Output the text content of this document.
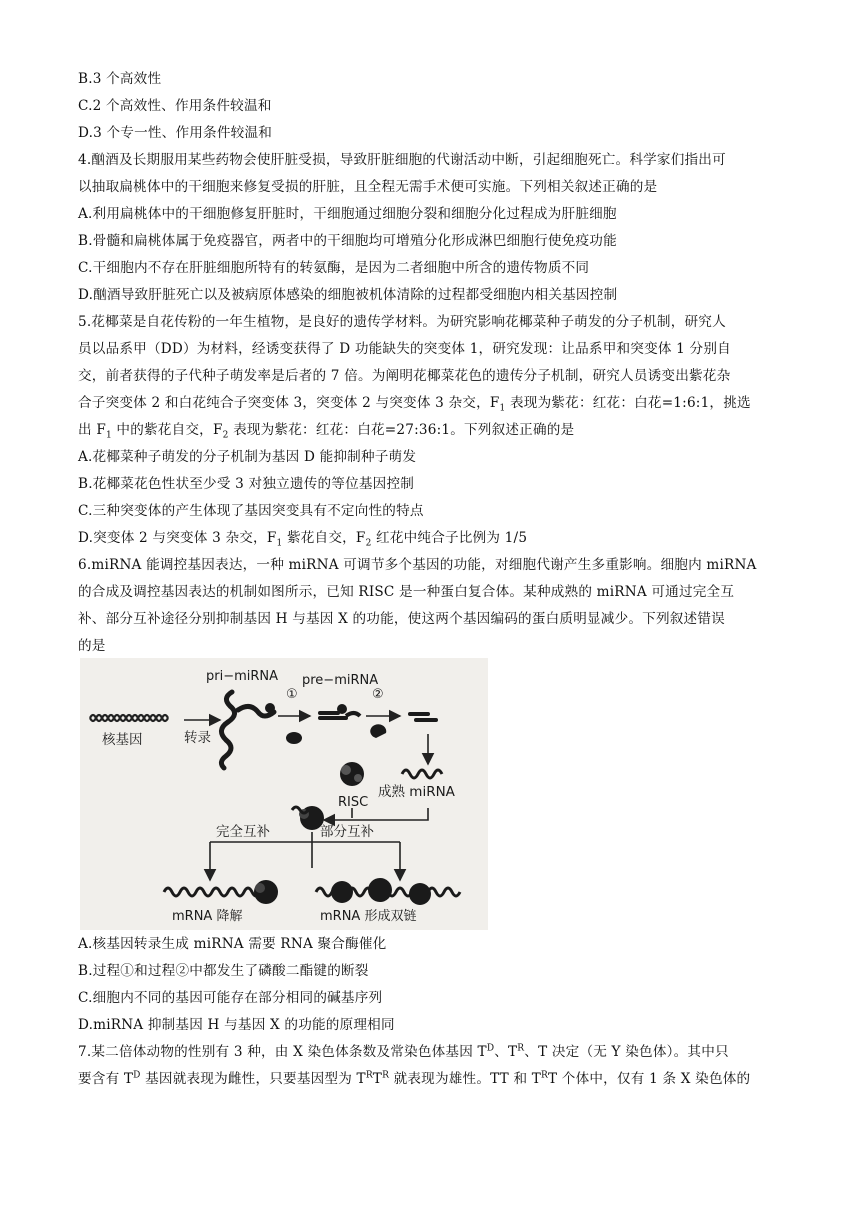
B.3 个高效性
C.2 个高效性、作用条件较温和
D.3 个专一性、作用条件较温和
4.酗酒及长期服用某些药物会使肝脏受损，导致肝脏细胞的代谢活动中断，引起细胞死亡。科学家们指出可
以抽取扁桃体中的干细胞来修复受损的肝脏，且全程无需手术便可实施。下列相关叙述正确的是
A.利用扁桃体中的干细胞修复肝脏时，干细胞通过细胞分裂和细胞分化过程成为肝脏细胞
B.骨髓和扁桃体属于免疫器官，两者中的干细胞均可增殖分化形成淋巴细胞行使免疫功能
C.干细胞内不存在肝脏细胞所特有的转氨酶，是因为二者细胞中所含的遗传物质不同
D.酗酒导致肝脏死亡以及被病原体感染的细胞被机体清除的过程都受细胞内相关基因控制
5.花椰菜是自花传粉的一年生植物，是良好的遗传学材料。为研究影响花椰菜种子萌发的分子机制，研究人
员以品系甲（DD）为材料，经诱变获得了 D 功能缺失的突变体 1，研究发现：让品系甲和突变体 1 分别自
交，前者获得的子代种子萌发率是后者的 7 倍。为阐明花椰菜花色的遗传分子机制，研究人员诱变出紫花杂
合子突变体 2 和白花纯合子突变体 3，突变体 2 与突变体 3 杂交，$F_1$ 表现为紫花：红花：白花=1:6:1，挑选
出 $F_1$ 中的紫花自交，$F_2$ 表现为紫花：红花：白花=27:36:1。下列叙述正确的是
A.花椰菜种子萌发的分子机制为基因 D 能抑制种子萌发
B.花椰菜花色性状至少受 3 对独立遗传的等位基因控制
C.三种突变体的产生体现了基因突变具有不定向性的特点
D.突变体 2 与突变体 3 杂交，$F_1$ 紫花自交，$F_2$ 红花中纯合子比例为 1/5
6.miRNA 能调控基因表达，一种 miRNA 可调节多个基因的功能，对细胞代谢产生多重影响。细胞内 miRNA
的合成及调控基因表达的机制如图所示，已知 RISC 是一种蛋白复合体。某种成熟的 miRNA 可通过完全互
补、部分互补途径分别抑制基因 H 与基因 X 的功能，使这两个基因编码的蛋白质明显减少。下列叙述错误
的是
核基因	转录
pri−miRNA
①
pre−miRNA
②
成熟 miRNA
RISC
完全互补	部分互补
mRNA 降解	mRNA 形成双链
A.核基因转录生成 miRNA 需要 RNA 聚合酶催化
B.过程①和过程②中都发生了磷酸二酯键的断裂
C.细胞内不同的基因可能存在部分相同的碱基序列
D.miRNA 抑制基因 H 与基因 X 的功能的原理相同
7.某二倍体动物的性别有 3 种，由 X 染色体条数及常染色体基因 $T^D$、$T^R$、T 决定（无 Y 染色体）。其中只
要含有 $T^D$ 基因就表现为雌性，只要基因型为 $T^RT^R$ 就表现为雄性。TT 和 $T^RT$ 个体中，仅有 1 条 X 染色体的
